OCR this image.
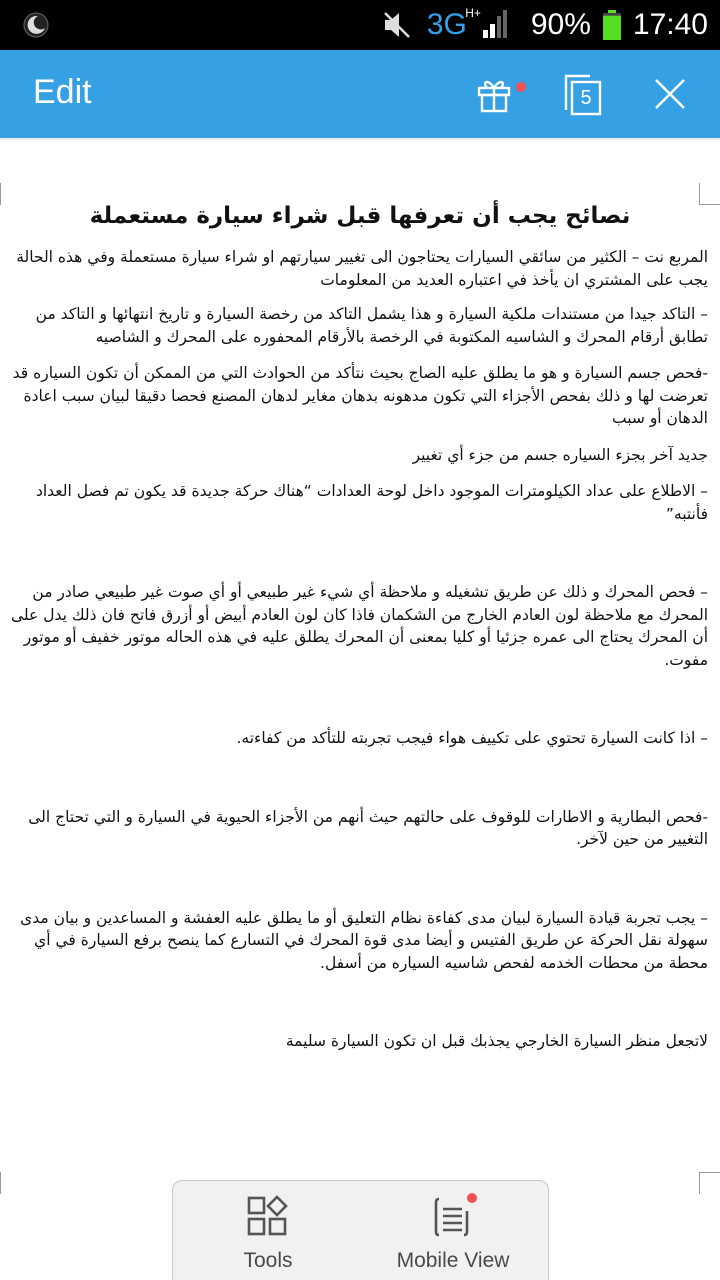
3G
H+ 90% 17:40
Edit	5
نصائح يجب أن تعرفها قبل شراء سيارة مستعملة

المربع نت – الكثير من سائقي السيارات يحتاجون الى تغيير سيارتهم او شراء سيارة مستعملة وفي هذه الحالة يجب على المشتري ان يأخذ في اعتباره العديد من المعلومات

– التاكد جيدا من مستندات ملكية السيارة و هذا يشمل التاكد من رخصة السيارة و تاريخ انتهائها و التاكد من تطابق أرقام المحرك و الشاسيه المكتوبة في الرخصة بالأرقام المحفوره على المحرك و الشاصيه

-فحص جسم السيارة و هو ما يطلق عليه الصاج بحيث نتأكد من الحوادث التي من الممكن أن تكون السياره قد تعرضت لها و ذلك بفحص الأجزاء التي تكون مدهونه بدهان مغاير لدهان المصنع فحصا دقيقا لبيان سبب اعادة الدهان أو سبب

جديد آخر بجزء السياره جسم من جزء أي تغيير

– الاطلاع على عداد الكيلومترات الموجود داخل لوحة العدادات “هناك حركة جديدة قد يكون تم فصل العداد فأنتبه”

– فحص المحرك و ذلك عن طريق تشغيله و ملاحظة أي شيء غير طبيعي أو أي صوت غير طبيعي صادر من المحرك مع ملاحظة لون العادم الخارج من الشكمان فاذا كان لون العادم أبيض أو أزرق فاتح فان ذلك يدل على أن المحرك يحتاج الى عمره جزئيا أو كليا بمعنى أن المحرك يطلق عليه في هذه الحاله موتور خفيف أو موتور مفوت.

– اذا كانت السيارة تحتوي على تكييف هواء فيجب تجربته للتأكد من كفاءته.

-فحص البطارية و الاطارات للوقوف على حالتهم حيث أنهم من الأجزاء الحيوية في السيارة و التي تحتاج الى التغيير من حين لآخر.

– يجب تجربة قيادة السيارة لبيان مدى كفاءة نظام التعليق أو ما يطلق عليه العفشة و المساعدين و بيان مدى سهولة نقل الحركة عن طريق الفتيس و أيضا مدى قوة المحرك في التسارع كما ينصح برفع السيارة في أي محطة من محطات الخدمه لفحص شاسيه السياره من أسفل.

لاتجعل منظر السيارة الخارجي يجذبك قبل ان تكون السيارة سليمة

Tools	Mobile View
